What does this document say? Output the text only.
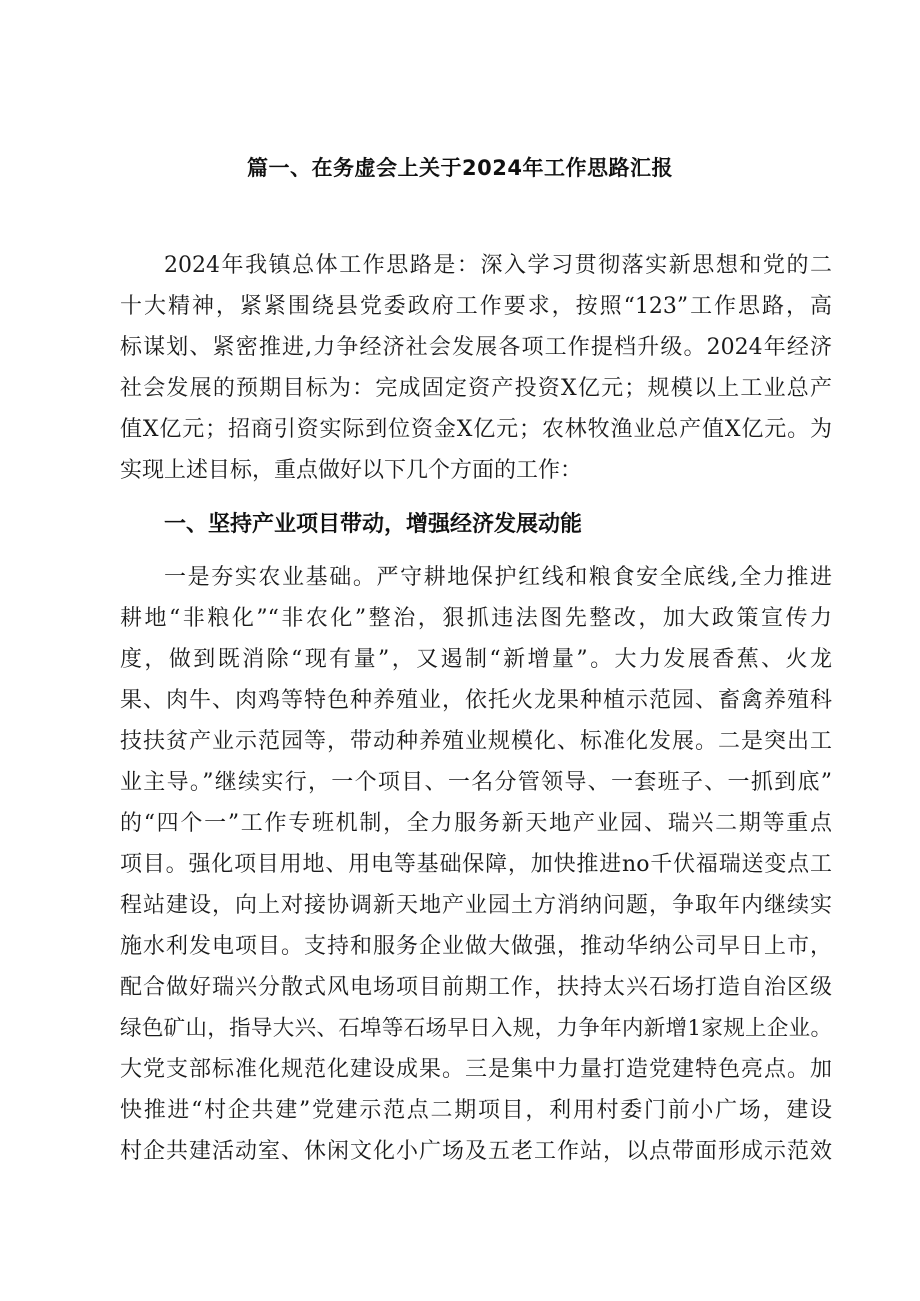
篇一、在务虚会上关于2024年工作思路汇报
2024年我镇总体工作思路是：深入学习贯彻落实新思想和党的二
十大精神，紧紧围绕县党委政府工作要求，按照“123”工作思路，高
标谋划、紧密推进,力争经济社会发展各项工作提档升级。2024年经济
社会发展的预期目标为：完成固定资产投资X亿元；规模以上工业总产
值X亿元；招商引资实际到位资金X亿元；农林牧渔业总产值X亿元。为
实现上述目标，重点做好以下几个方面的工作：
一、坚持产业项目带动，增强经济发展动能
一是夯实农业基础。严守耕地保护红线和粮食安全底线,全力推进
耕地“非粮化”“非农化”整治，狠抓违法图先整改，加大政策宣传力
度，做到既消除“现有量”，又遏制“新增量”。大力发展香蕉、火龙
果、肉牛、肉鸡等特色种养殖业，依托火龙果种植示范园、畜禽养殖科
技扶贫产业示范园等，带动种养殖业规模化、标准化发展。二是突出工
业主导。”继续实行，一个项目、一名分管领导、一套班子、一抓到底”
的“四个一”工作专班机制，全力服务新天地产业园、瑞兴二期等重点
项目。强化项目用地、用电等基础保障，加快推进no千伏福瑞送变点工
程站建设，向上对接协调新天地产业园土方消纳问题，争取年内继续实
施水利发电项目。支持和服务企业做大做强，推动华纳公司早日上市，
配合做好瑞兴分散式风电场项目前期工作，扶持太兴石场打造自治区级
绿色矿山，指导大兴、石埠等石场早日入规，力争年内新增1家规上企业。
大党支部标准化规范化建设成果。三是集中力量打造党建特色亮点。加
快推进“村企共建”党建示范点二期项目，利用村委门前小广场，建设
村企共建活动室、休闲文化小广场及五老工作站，以点带面形成示范效
